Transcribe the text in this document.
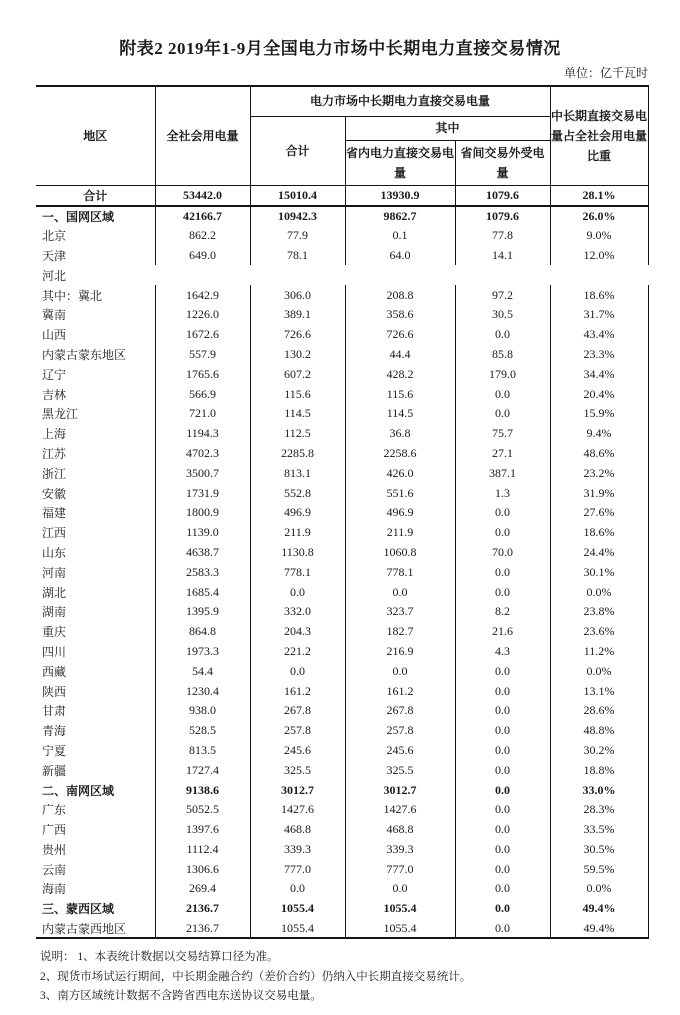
附表2 2019年1-9月全国电力市场中长期电力直接交易情况
单位：亿千瓦时
地区	全社会用电量	电力市场中长期电力直接交易电量			中长期直接交易电量占全社会用电量比重
		合计	其中		
			省内电力直接交易电量	省间交易外受电量	
合计	53442.0	15010.4	13930.9	1079.6	28.1%
一、国网区域	42166.7	10942.3	9862.7	1079.6	26.0%
北京	862.2	77.9	0.1	77.8	9.0%
天津	649.0	78.1	64.0	14.1	12.0%
河北					
其中：冀北	1642.9	306.0	208.8	97.2	18.6%
冀南	1226.0	389.1	358.6	30.5	31.7%
山西	1672.6	726.6	726.6	0.0	43.4%
内蒙古蒙东地区	557.9	130.2	44.4	85.8	23.3%
辽宁	1765.6	607.2	428.2	179.0	34.4%
吉林	566.9	115.6	115.6	0.0	20.4%
黑龙江	721.0	114.5	114.5	0.0	15.9%
上海	1194.3	112.5	36.8	75.7	9.4%
江苏	4702.3	2285.8	2258.6	27.1	48.6%
浙江	3500.7	813.1	426.0	387.1	23.2%
安徽	1731.9	552.8	551.6	1.3	31.9%
福建	1800.9	496.9	496.9	0.0	27.6%
江西	1139.0	211.9	211.9	0.0	18.6%
山东	4638.7	1130.8	1060.8	70.0	24.4%
河南	2583.3	778.1	778.1	0.0	30.1%
湖北	1685.4	0.0	0.0	0.0	0.0%
湖南	1395.9	332.0	323.7	8.2	23.8%
重庆	864.8	204.3	182.7	21.6	23.6%
四川	1973.3	221.2	216.9	4.3	11.2%
西藏	54.4	0.0	0.0	0.0	0.0%
陕西	1230.4	161.2	161.2	0.0	13.1%
甘肃	938.0	267.8	267.8	0.0	28.6%
青海	528.5	257.8	257.8	0.0	48.8%
宁夏	813.5	245.6	245.6	0.0	30.2%
新疆	1727.4	325.5	325.5	0.0	18.8%
二、南网区域	9138.6	3012.7	3012.7	0.0	33.0%
广东	5052.5	1427.6	1427.6	0.0	28.3%
广西	1397.6	468.8	468.8	0.0	33.5%
贵州	1112.4	339.3	339.3	0.0	30.5%
云南	1306.6	777.0	777.0	0.0	59.5%
海南	269.4	0.0	0.0	0.0	0.0%
三、蒙西区域	2136.7	1055.4	1055.4	0.0	49.4%
内蒙古蒙西地区	2136.7	1055.4	1055.4	0.0	49.4%
说明： 1、本表统计数据以交易结算口径为准。
2、现货市场试运行期间，中长期金融合约（差价合约）仍纳入中长期直接交易统计。
3、南方区域统计数据不含跨省西电东送协议交易电量。
